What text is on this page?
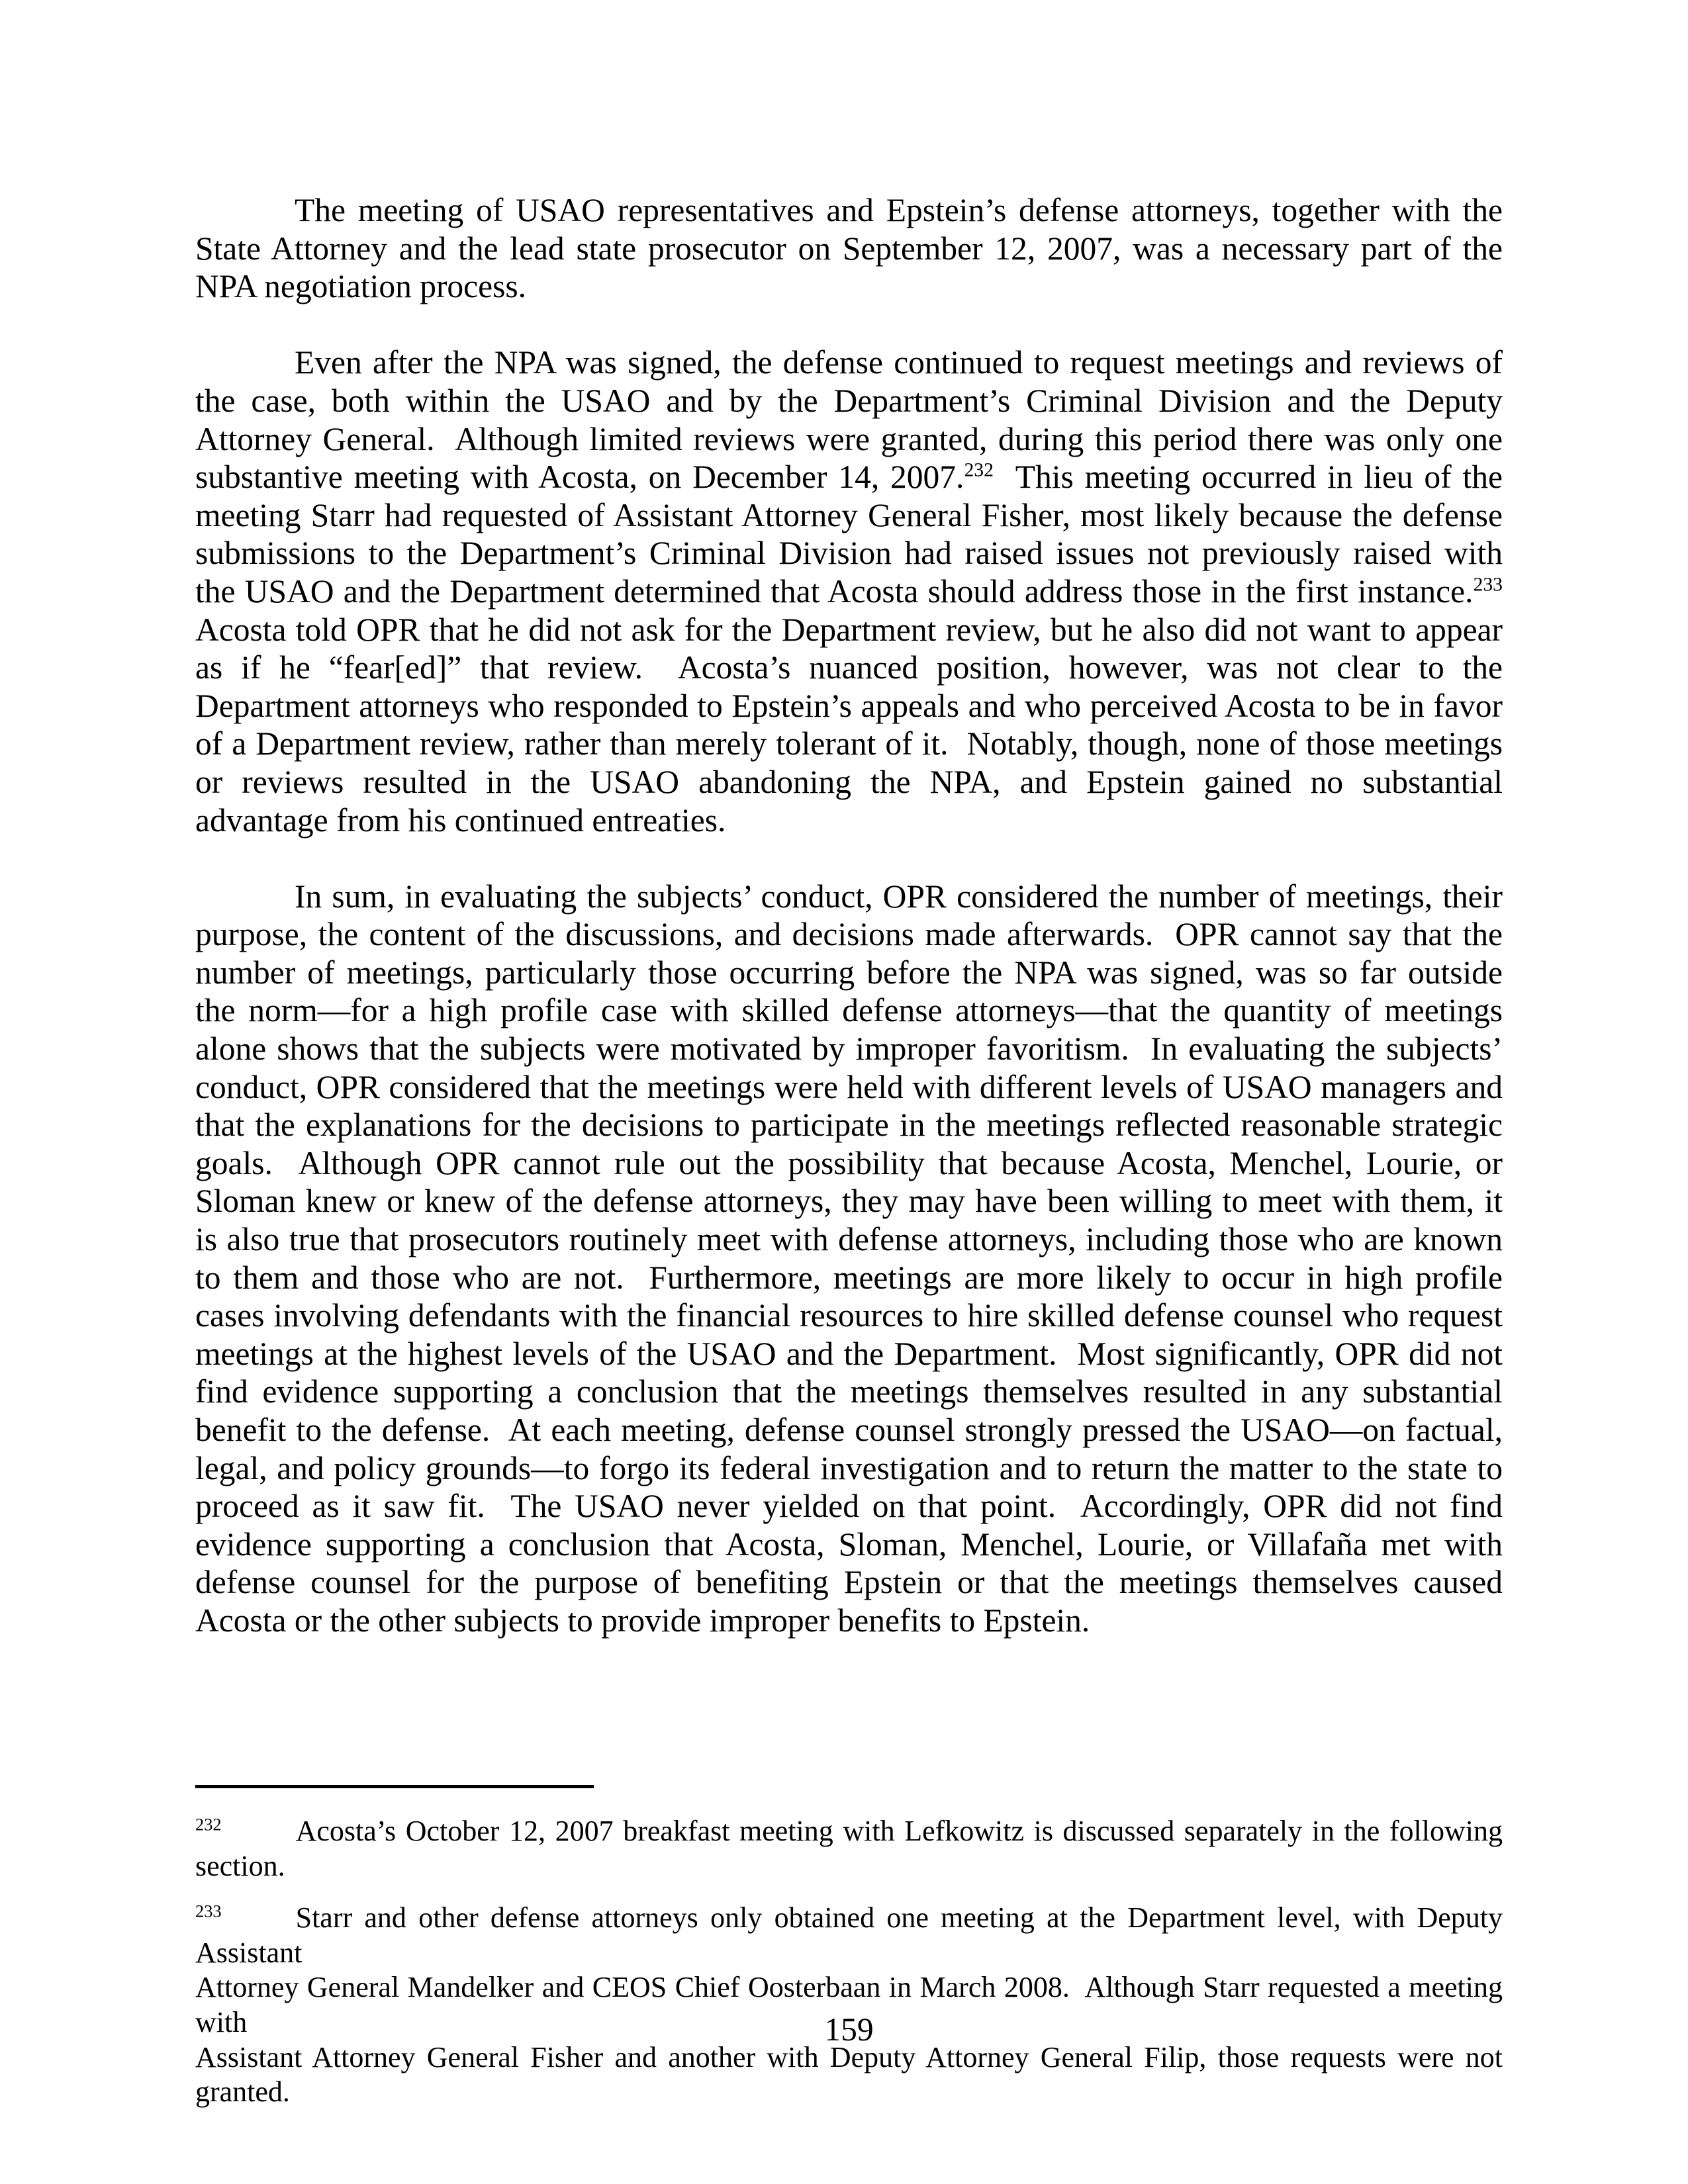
The meeting of USAO representatives and Epstein’s defense attorneys, together with the
State Attorney and the lead state prosecutor on September 12, 2007, was a necessary part of the
NPA negotiation process.
Even after the NPA was signed, the defense continued to request meetings and reviews of
the case, both within the USAO and by the Department’s Criminal Division and the Deputy
Attorney General.  Although limited reviews were granted, during this period there was only one
substantive meeting with Acosta, on December 14, 2007.$^{232}$  This meeting occurred in lieu of the
meeting Starr had requested of Assistant Attorney General Fisher, most likely because the defense
submissions to the Department’s Criminal Division had raised issues not previously raised with
the USAO and the Department determined that Acosta should address those in the first instance.$^{233}$
Acosta told OPR that he did not ask for the Department review, but he also did not want to appear
as if he “fear[ed]” that review.  Acosta’s nuanced position, however, was not clear to the
Department attorneys who responded to Epstein’s appeals and who perceived Acosta to be in favor
of a Department review, rather than merely tolerant of it.  Notably, though, none of those meetings
or reviews resulted in the USAO abandoning the NPA, and Epstein gained no substantial
advantage from his continued entreaties.
In sum, in evaluating the subjects’ conduct, OPR considered the number of meetings, their
purpose, the content of the discussions, and decisions made afterwards.  OPR cannot say that the
number of meetings, particularly those occurring before the NPA was signed, was so far outside
the norm—for a high profile case with skilled defense attorneys—that the quantity of meetings
alone shows that the subjects were motivated by improper favoritism.  In evaluating the subjects’
conduct, OPR considered that the meetings were held with different levels of USAO managers and
that the explanations for the decisions to participate in the meetings reflected reasonable strategic
goals.  Although OPR cannot rule out the possibility that because Acosta, Menchel, Lourie, or
Sloman knew or knew of the defense attorneys, they may have been willing to meet with them, it
is also true that prosecutors routinely meet with defense attorneys, including those who are known
to them and those who are not.  Furthermore, meetings are more likely to occur in high profile
cases involving defendants with the financial resources to hire skilled defense counsel who request
meetings at the highest levels of the USAO and the Department.  Most significantly, OPR did not
find evidence supporting a conclusion that the meetings themselves resulted in any substantial
benefit to the defense.  At each meeting, defense counsel strongly pressed the USAO—on factual,
legal, and policy grounds—to forgo its federal investigation and to return the matter to the state to
proceed as it saw fit.  The USAO never yielded on that point.  Accordingly, OPR did not find
evidence supporting a conclusion that Acosta, Sloman, Menchel, Lourie, or Villafaña met with
defense counsel for the purpose of benefiting Epstein or that the meetings themselves caused
Acosta or the other subjects to provide improper benefits to Epstein.
$^{232}$	Acosta’s October 12, 2007 breakfast meeting with Lefkowitz is discussed separately in the following section.
$^{233}$	Starr and other defense attorneys only obtained one meeting at the Department level, with Deputy Assistant
Attorney General Mandelker and CEOS Chief Oosterbaan in March 2008.  Although Starr requested a meeting with
Assistant Attorney General Fisher and another with Deputy Attorney General Filip, those requests were not granted.
159
